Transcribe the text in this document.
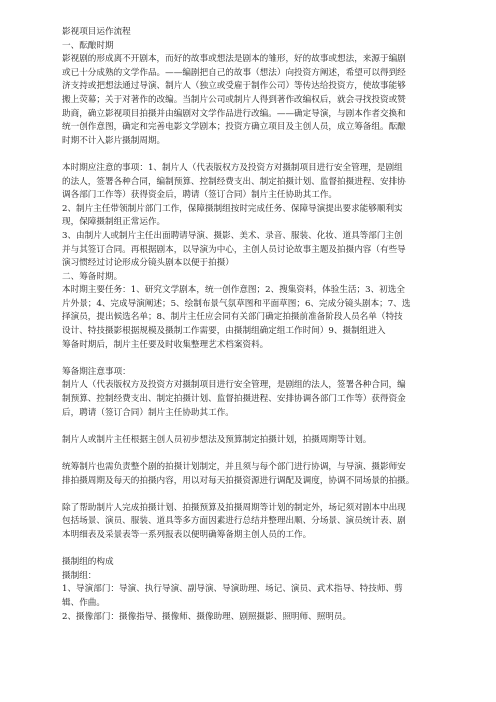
影视项目运作流程
一、酝酿时期
影视剧的形成离不开剧本，而好的故事或想法是剧本的雏形，好的故事或想法，来源于编剧
或已十分成熟的文学作品。——编剧把自己的故事（想法）向投资方阐述，希望可以得到经
济支持或把想法通过导演、制片人（独立或受雇于制作公司）等传达给投资方，使故事能够
搬上荧幕；关于对著作的改编。当制片公司或制片人得到著作改编权后，就会寻找投资或赞
助商，确立影视项目拍摄并由编剧对文学作品进行改编。——确定导演，与剧本作者交换和
统一创作意图，确定和完善电影文学剧本；投资方确立项目及主创人员，成立筹备组。酝酿
时期不计入影片摄制周期。
本时期应注意的事项：1、制片人（代表版权方及投资方对摄制项目进行安全管理，是剧组
的法人，签署各种合同，编制预算、控制经费支出、制定拍摄计划、监督拍摄进程、安排协
调各部门工作等）获得资金后，聘请（签订合同）制片主任协助其工作。
2、制片主任带领制片部门工作，保障摄制组按时完成任务、保障导演提出要求能够顺利实
现，保障摄制组正常运作。
3、由制片人或制片主任出面聘请导演、摄影、美术、录音、服装、化妆、道具等部门主创
并与其签订合同。再根据剧本，以导演为中心，主创人员讨论故事主题及拍摄内容（有些导
演习惯经过讨论形成分镜头剧本以便于拍摄）
二、筹备时期。
本时期主要任务：1、研究文学剧本，统一创作意图；2、搜集资料，体验生活；3、初选全
片外景；4、完成导演阐述；5、绘制布景气氛草图和平面草图；6、完成分镜头剧本；7、选
择演员，提出候选名单；8、制片主任应会同有关部门确定拍摄前准备阶段人员名单（特技
设计、特技摄影根据规模及摄制工作需要，由摄制组确定组工作时间）9、摄制组进入
筹备时期后，制片主任要及时收集整理艺术档案资料。
筹备期注意事项：
制片人（代表版权方及投资方对摄制项目进行安全管理，是剧组的法人，签署各种合同，编
制预算、控制经费支出、制定拍摄计划、监督拍摄进程、安排协调各部门工作等）获得资金
后，聘请（签订合同）制片主任协助其工作。
制片人或制片主任根据主创人员初步想法及预算制定拍摄计划，拍摄周期等计划。
统筹制片也需负责整个剧的拍摄计划制定，并且须与每个部门进行协调，与导演、摄影师安
排拍摄周期及每天的拍摄内容，用以对每天拍摄资源进行调配及调度，协调不同场景的拍摄。
除了帮助制片人完成拍摄计划、拍摄预算及拍摄周期等计划的制定外，场记须对剧本中出现
包括场景、演员、服装、道具等多方面因素进行总结并整理出顺、分场景、演员统计表、剧
本明细表及采景表等一系列报表以便明确筹备期主创人员的工作。
摄制组的构成
摄制组：
1、导演部门：导演、执行导演、副导演、导演助理、场记、演员、武术指导、特技师、剪
辑、作曲。
2、摄像部门：摄像指导、摄像师、摄像助理、剧照摄影、照明师、照明员。
